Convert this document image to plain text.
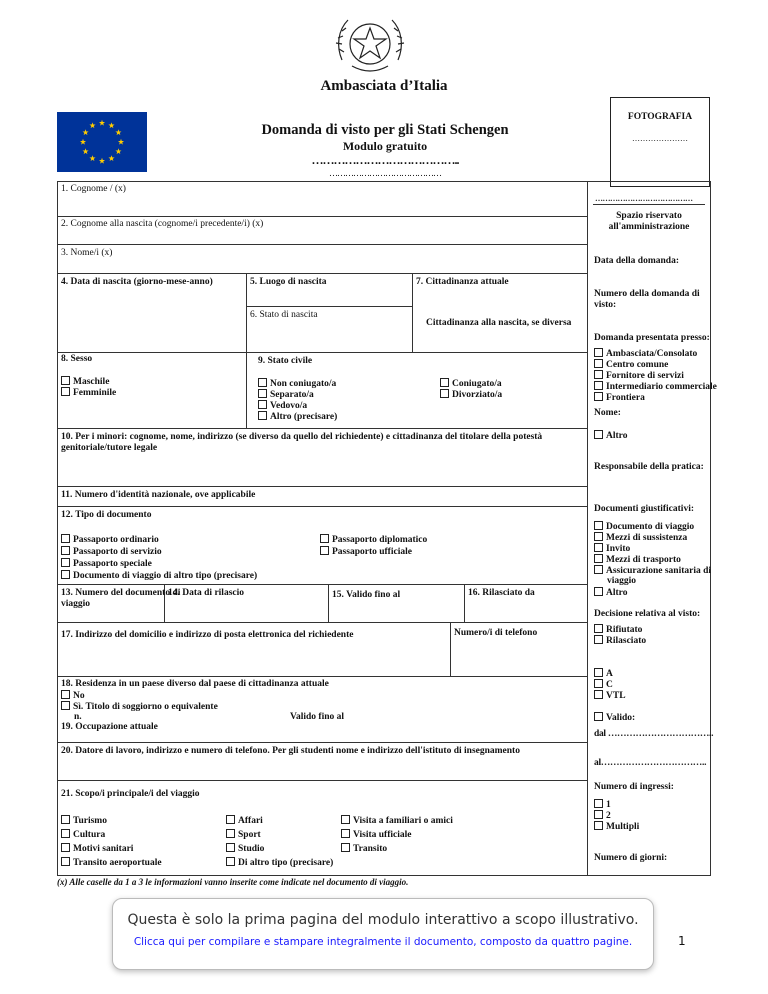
Ambasciata d’Italia
FOTOGRAFIA
…………………
Domanda di visto per gli Stati Schengen
Modulo gratuito
…………………………………..
……………………………………
1. Cognome / (x)
2. Cognome alla nascita (cognome/i precedente/i) (x)
3. Nome/i (x)
4. Data di nascita (giorno-mese-anno)	5. Luogo di nascita
6. Stato di nascita
7. Cittadinanza attuale
Cittadinanza alla nascita, se diversa
8. Sesso
Maschile
Femminile
9. Stato civile
Non coniugato/a
Separato/a
Vedovo/a
Altro (precisare)
Coniugato/a
Divorziato/a
10. Per i minori: cognome, nome, indirizzo (se diverso da quello del richiedente) e cittadinanza del titolare della potestà
genitoriale/tutore legale
11. Numero d'identità nazionale, ove applicabile
12. Tipo di documento
Passaporto ordinario
Passaporto di servizio
Passaporto speciale
Documento di viaggio di altro tipo (precisare)
Passaporto diplomatico
Passaporto ufficiale
13. Numero del documento di
viaggio
14. Data di rilascio	15. Valido fino al	16. Rilasciato da
17. Indirizzo del domicilio e indirizzo di posta elettronica del richiedente	Numero/i di telefono
18. Residenza in un paese diverso dal paese di cittadinanza attuale
No
Sì. Titolo di soggiorno o equivalente
n.	Valido fino al
19. Occupazione attuale
20. Datore di lavoro, indirizzo e numero di telefono. Per gli studenti nome e indirizzo dell'istituto di insegnamento
21. Scopo/i principale/i del viaggio
Turismo
Cultura
Motivi sanitari
Transito aeroportuale
Affari
Sport
Studio
Di altro tipo (precisare)
Visita a familiari o amici
Visita ufficiale
Transito
(x) Alle caselle da 1 a 3 le informazioni vanno inserite come indicate nel documento di viaggio.
…………………………………
Spazio riservato
all'amministrazione
Data della domanda:
Numero della domanda di
visto:
Domanda presentata presso:
Ambasciata/Consolato
Centro comune
Fornitore di servizi
Intermediario commerciale
Frontiera
Nome:
Altro
Responsabile della pratica:
Documenti giustificativi:
Documento di viaggio
Mezzi di sussistenza
Invito
Mezzi di trasporto
Assicurazione sanitaria di
viaggio
Altro
Decisione relativa al visto:
Rifiutato
Rilasciato
A
C
VTL
Valido:
dal ……………………………..
al……………………………..
Numero di ingressi:
1
2
Multipli
Numero di giorni:
Questa è solo la prima pagina del modulo interattivo a scopo illustrativo.
Clicca qui per compilare e stampare integralmente il documento, composto da quattro pagine.	1
